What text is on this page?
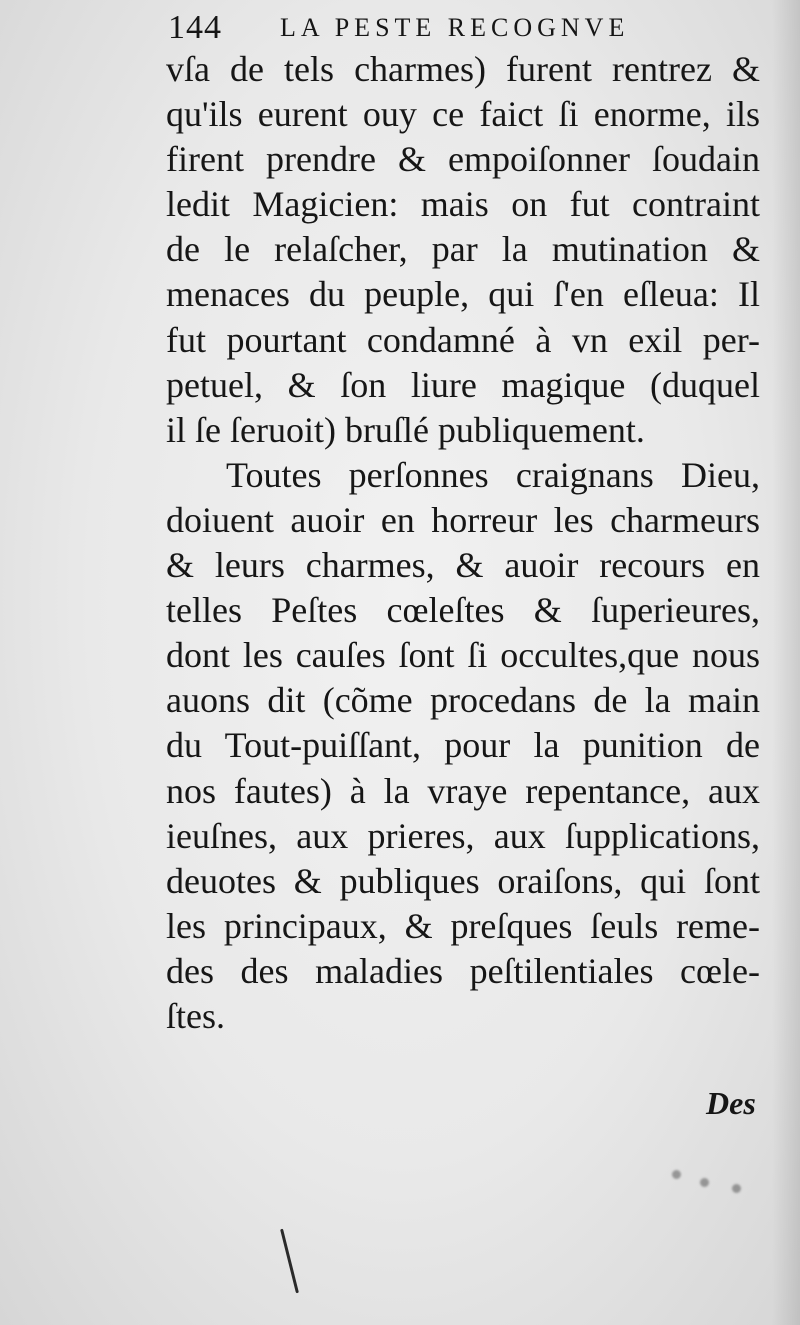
144 LA PESTE RECOGNVE
vſa de tels charmes) furent rentrez &
qu'ils eurent ouy ce faict ſi enorme, ils
firent prendre & empoiſonner ſoudain
ledit Magicien: mais on fut contraint
de le relaſcher, par la mutination &
menaces du peuple, qui ſ'en eſleua: Il
fut pourtant condamné à vn exil per-
petuel, & ſon liure magique (duquel
il ſe ſeruoit) bruſlé publiquement.
Toutes perſonnes craignans Dieu,
doiuent auoir en horreur les charmeurs
& leurs charmes, & auoir recours en
telles Peſtes cœleſtes & ſuperieures,
dont les cauſes ſont ſi occultes,que nous
auons dit (cõme procedans de la main
du Tout-puiſſant, pour la punition de
nos fautes) à la vraye repentance, aux
ieuſnes, aux prieres, aux ſupplications,
deuotes & publiques oraiſons, qui ſont
les principaux, & preſques ſeuls reme-
des des maladies peſtilentiales cœle-
ſtes.
Des
